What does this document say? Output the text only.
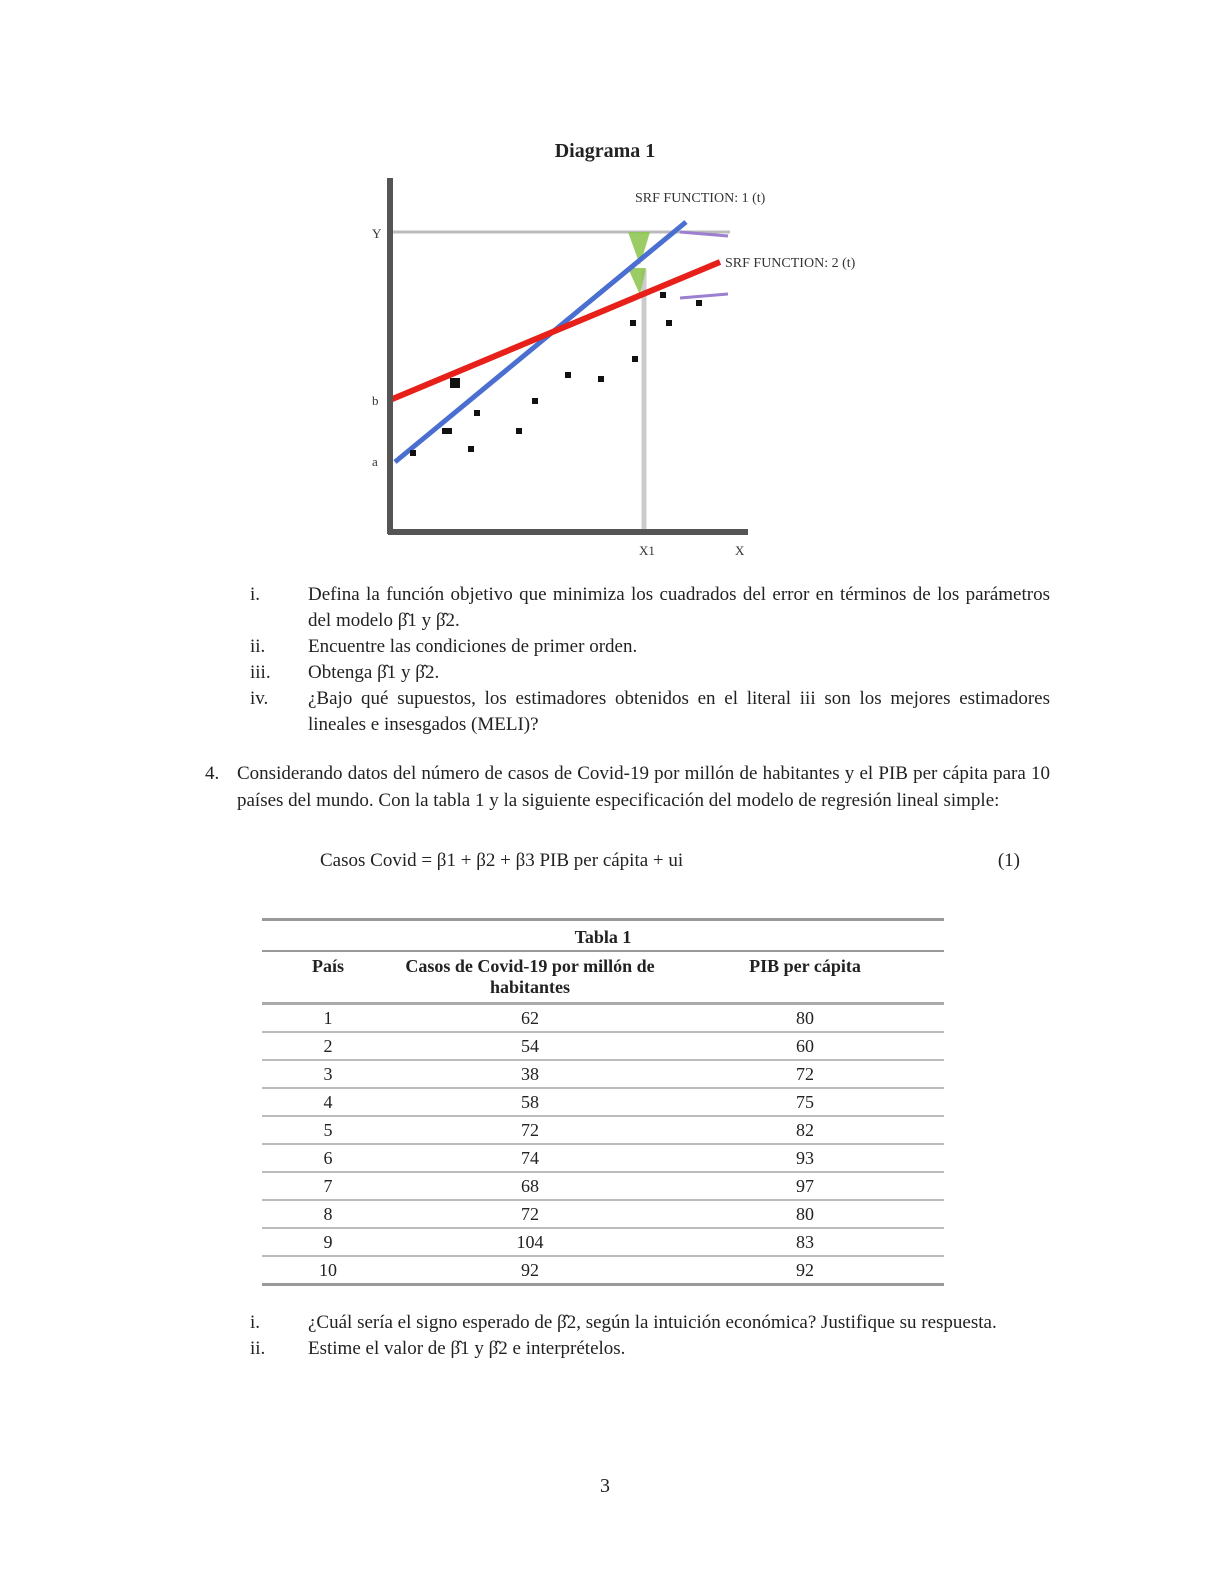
Diagrama 1
SRF FUNCTION: 1 (t)
SRF FUNCTION: 2 (t)
X1	X
Y
b
a
i.	Defina la función objetivo que minimiza los cuadrados del error en términos de los parámetros del modelo β̂1 y β̂2.
ii.	Encuentre las condiciones de primer orden.
iii.	Obtenga β̂1 y β̂2.
iv.	¿Bajo qué supuestos, los estimadores obtenidos en el literal iii son los mejores estimadores lineales e insesgados (MELI)?
4. Considerando datos del número de casos de Covid-19 por millón de habitantes y el PIB per cápita para 10 países del mundo. Con la tabla 1 y la siguiente especificación del modelo de regresión lineal simple:
Casos Covid = β1 + β2 + β3 PIB per cápita + ui	(1)
Tabla 1
País	Casos de Covid-19 por millón de habitantes	PIB per cápita
1	62	80
2	54	60
3	38	72
4	58	75
5	72	82
6	74	93
7	68	97
8	72	80
9	104	83
10	92	92
i.	¿Cuál sería el signo esperado de β̂2, según la intuición económica? Justifique su respuesta.
ii.	Estime el valor de β̂1 y β̂2 e interprételos.
3
